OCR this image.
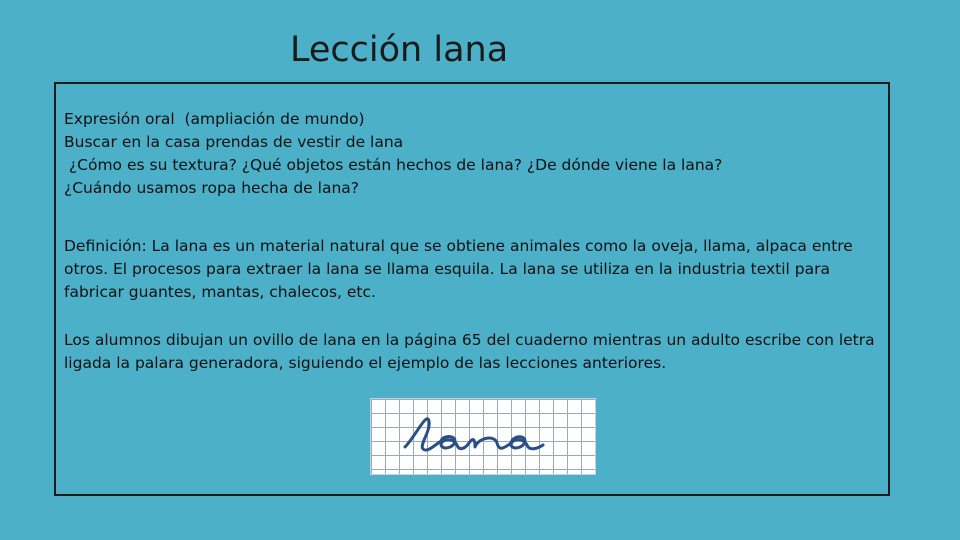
Lección lana
Expresión oral  (ampliación de mundo)
Buscar en la casa prendas de vestir de lana
¿Cómo es su textura? ¿Qué objetos están hechos de lana? ¿De dónde viene la lana?
¿Cuándo usamos ropa hecha de lana?
Definición: La lana es un material natural que se obtiene animales como la oveja, llama, alpaca entre otros. El procesos para extraer la lana se llama esquila. La lana se utiliza en la industria textil para fabricar guantes, mantas, chalecos, etc.
Los alumnos dibujan un ovillo de lana en la página 65 del cuaderno mientras un adulto escribe con letra ligada la palara generadora, siguiendo el ejemplo de las lecciones anteriores.
